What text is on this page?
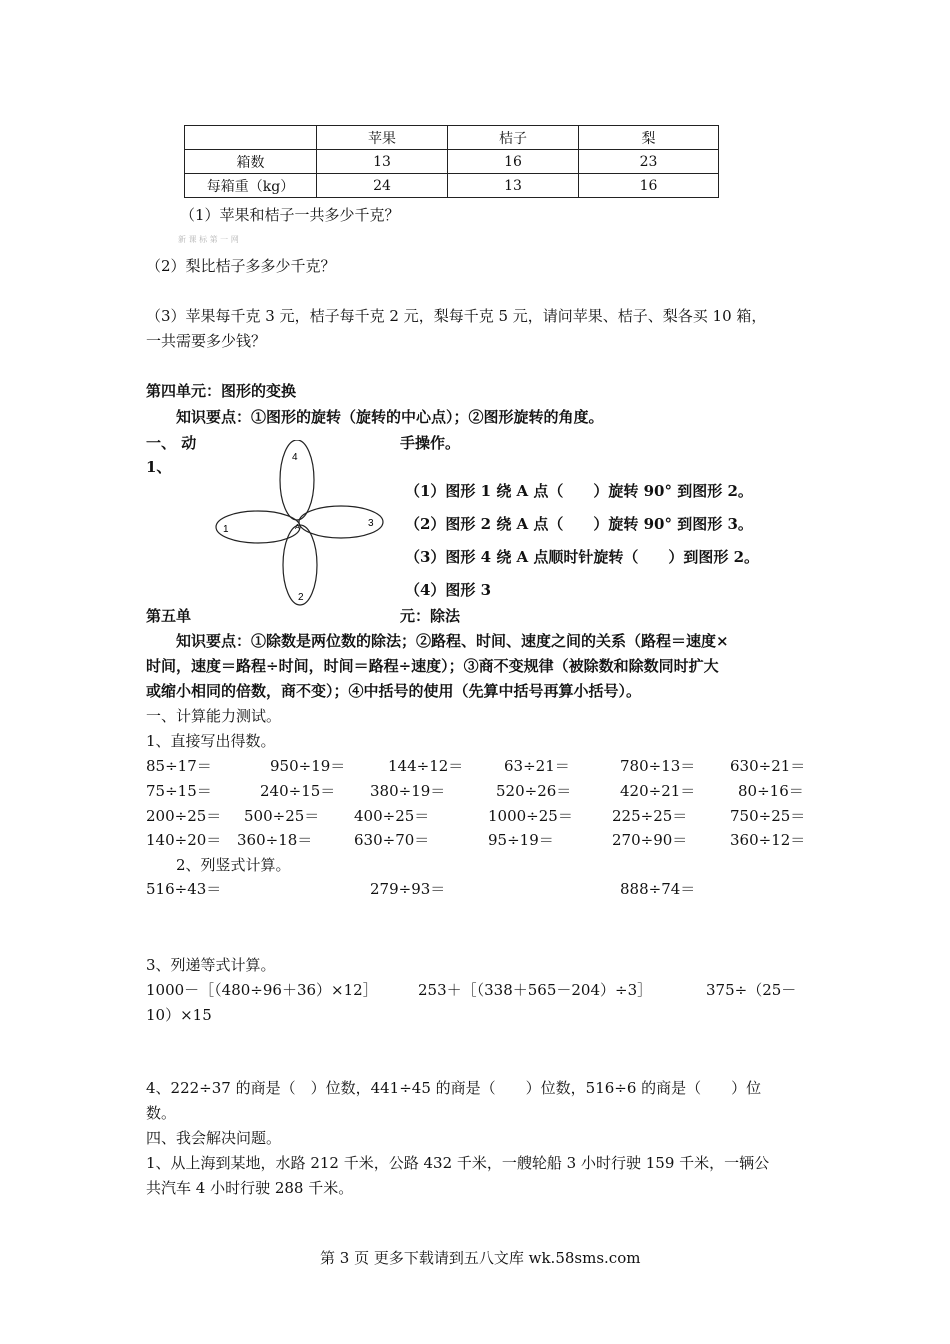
	苹果	桔子	梨
箱数	13	16	23
每箱重（kg）	24	13	16
（1）苹果和桔子一共多少千克？
新 课 标 第 一 网
（2）梨比桔子多多少千克？
（3）苹果每千克 3 元，桔子每千克 2 元，梨每千克 5 元，请问苹果、桔子、梨各买 10 箱，
一共需要多少钱？
第四单元：图形的变换
知识要点：①图形的旋转（旋转的中心点）；②图形旋转的角度。
一、 动	手操作。
1、
4
1
3
2
A
（1）图形 1 绕 A 点（　　）旋转 90° 到图形 2。
（2）图形 2 绕 A 点（　　）旋转 90° 到图形 3。
（3）图形 4 绕 A 点顺时针旋转（　　）到图形 2。
（4）图形 3
第五单	元：除法
知识要点：①除数是两位数的除法；②路程、时间、速度之间的关系（路程＝速度×
时间，速度＝路程÷时间，时间＝路程÷速度）；③商不变规律（被除数和除数同时扩大
或缩小相同的倍数，商不变）；④中括号的使用（先算中括号再算小括号）。
一、计算能力测试。
1、直接写出得数。
85÷17＝	950÷19＝	144÷12＝	63÷21＝	780÷13＝ 630÷21＝
75÷15＝	240÷15＝ 380÷19＝	520÷26＝	420÷21＝	80÷16＝
200÷25＝ 500÷25＝ 400÷25＝	1000÷25＝	225÷25＝	750÷25＝
140÷20＝ 360÷18＝	630÷70＝	95÷19＝	270÷90＝	360÷12＝
2、列竖式计算。
516÷43＝	279÷93＝	888÷74＝
3、列递等式计算。
1000－［（480÷96＋36）×12］	253＋［（338＋565－204）÷3］	375÷（25－
10）×15
4、222÷37 的商是（　）位数，441÷45 的商是（　　）位数，516÷6 的商是（　　）位
数。
四、我会解决问题。
1、从上海到某地，水路 212 千米，公路 432 千米，一艘轮船 3 小时行驶 159 千米，一辆公
共汽车 4 小时行驶 288 千米。
第 3 页 更多下载请到五八文库 wk.58sms.com
